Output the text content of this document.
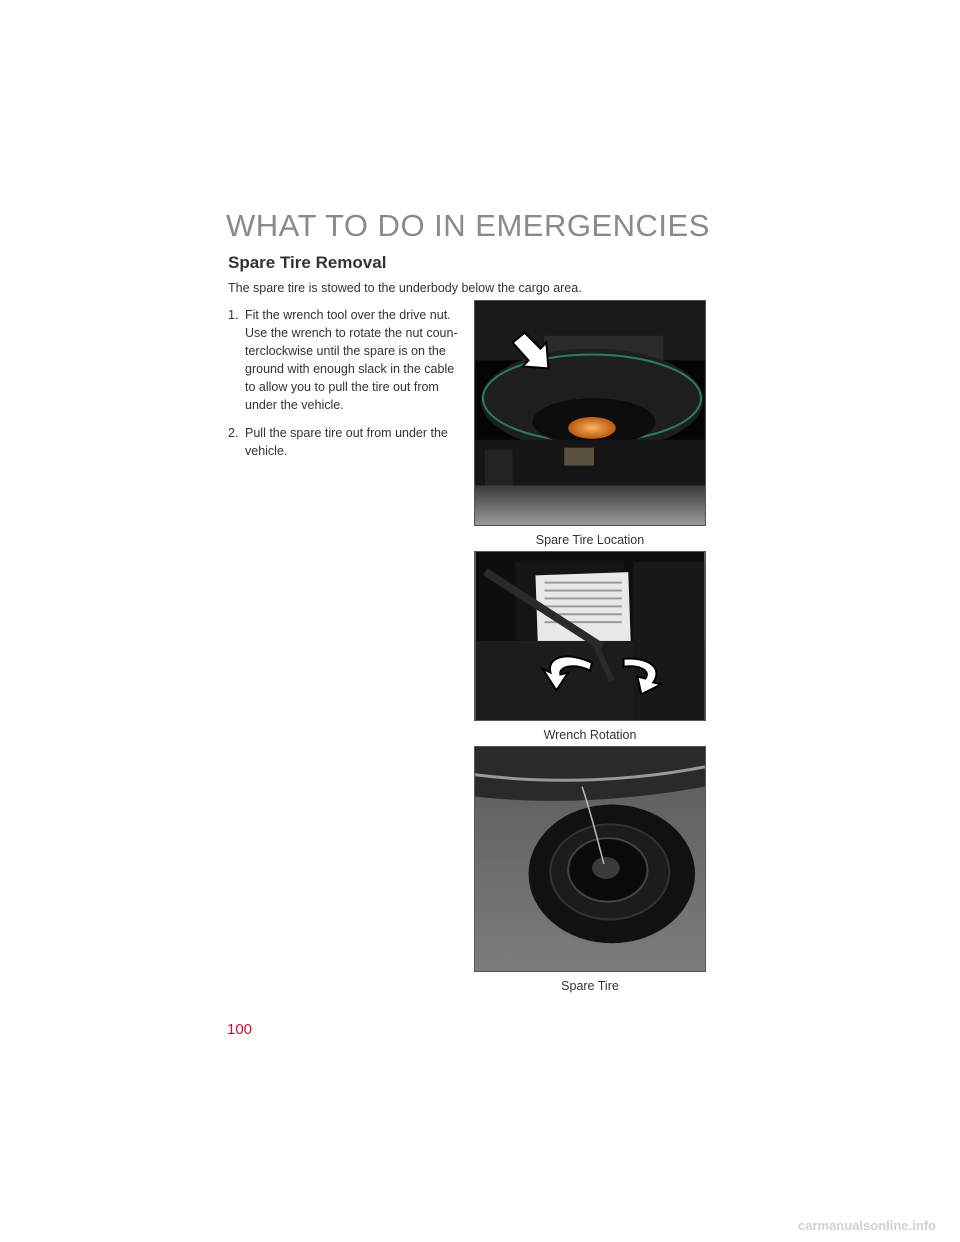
WHAT TO DO IN EMERGENCIES
Spare Tire Removal

The spare tire is stowed to the underbody below the cargo area.

1. Fit the wrench tool over the drive nut. Use the wrench to rotate the nut coun-terclockwise until the spare is on the ground with enough slack in the cable to allow you to pull the tire out from under the vehicle.
2. Pull the spare tire out from under the vehicle.
Spare Tire Location
Wrench Rotation
Spare Tire
100
carmanualsonline.info
